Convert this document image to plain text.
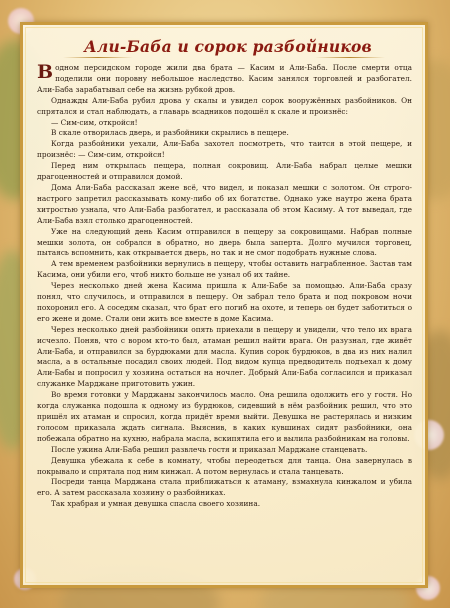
Али-Баба и сорок разбойников

В одном персидском городе жили два брата — Касим и Али-Баба. После смерти отца поделили они поровну небольшое наследство. Касим занялся торговлей и разбогател. Али-Баба зарабатывал себе на жизнь рубкой дров.

Однажды Али-Баба рубил дрова у скалы и увидел сорок вооружённых разбойников. Он спрятался и стал наблюдать, а главарь всадников подошёл к скале и произнёс:

— Сим-сим, откройся!

В скале отворилась дверь, и разбойники скрылись в пещере.

Когда разбойники уехали, Али-Баба захотел посмотреть, что таится в этой пещере, и произнёс: — Сим-сим, откройся!

Перед ним открылась пещера, полная сокровищ. Али-Баба набрал целые мешки драгоценностей и отправился домой.

Дома Али-Баба рассказал жене всё, что видел, и показал мешки с золотом. Он строго-настрого запретил рассказывать кому-либо об их богатстве. Однако уже наутро жена брата хитростью узнала, что Али-Баба разбогател, и рассказала об этом Касиму. А тот выведал, где Али-Баба взял столько драгоценностей.

Уже на следующий день Касим отправился в пещеру за сокровищами. Набрав полные мешки золота, он собрался в обратно, но дверь была заперта. Долго мучился торговец, пытаясь вспомнить, как открывается дверь, но так и не смог подобрать нужные слова.

А тем временем разбойники вернулись в пещеру, чтобы оставить награбленное. Застав там Касима, они убили его, чтоб никто больше не узнал об их тайне.

Через несколько дней жена Касима пришла к Али-Бабе за помощью. Али-Баба сразу понял, что случилось, и отправился в пещеру. Он забрал тело брата и под покровом ночи похоронил его. А соседям сказал, что брат его погиб на охоте, и теперь он будет заботиться о его жене и доме. Стали они жить все вместе в доме Касима.

Через несколько дней разбойники опять приехали в пещеру и увидели, что тело их врага исчезло. Поняв, что с вором кто-то был, атаман решил найти врага. Он разузнал, где живёт Али-Баба, и отправился за бурдюками для масла. Купив сорок бурдюков, в два из них налил масла, а в остальные посадил своих людей. Под видом купца предводитель подъехал к дому Али-Бабы и попросил у хозяина остаться на ночлег. Добрый Али-Баба согласился и приказал служанке Марджане приготовить ужин.

Во время готовки у Марджаны закончилось масло. Она решила одолжить его у гостя. Но когда служанка подошла к одному из бурдюков, сидевший в нём разбойник решил, что это пришёл их атаман и спросил, когда придёт время выйти. Девушка не растерялась и низким голосом приказала ждать сигнала. Выяснив, в каких кувшинах сидят разбойники, она побежала обратно на кухню, набрала масла, вскипятила его и вылила разбойникам на головы.

После ужина Али-Баба решил развлечь гостя и приказал Марджане станцевать.

Девушка убежала к себе в комнату, чтобы переодеться для танца. Она завернулась в покрывало и спрятала под ним кинжал. А потом вернулась и стала танцевать.

Посреди танца Марджана стала приближаться к атаману, взмахнула кинжалом и убила его. А затем рассказала хозяину о разбойниках.

Так храбрая и умная девушка спасла своего хозяина.
